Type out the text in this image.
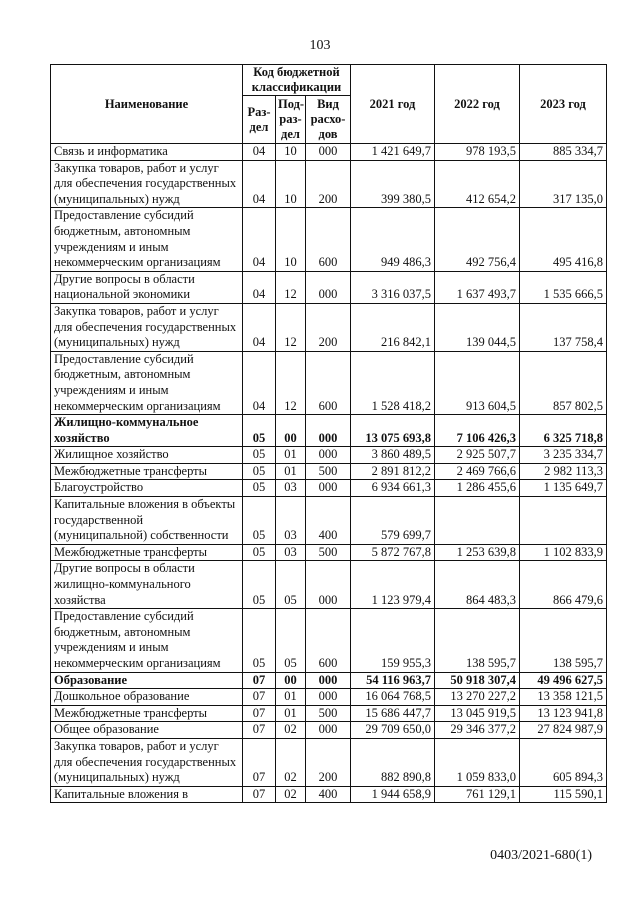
103
Наименование	Код бюджетной классификации			2021 год	2022 год	2023 год
	Раз-дел	Под-раз-дел	Вид расхо-дов			
Связь и информатика	04	10	000	1 421 649,7	978 193,5	885 334,7
Закупка товаров, работ и услуг для обеспечения государственных (муниципальных) нужд	04	10	200	399 380,5	412 654,2	317 135,0
Предоставление субсидий бюджетным, автономным учреждениям и иным некоммерческим организациям	04	10	600	949 486,3	492 756,4	495 416,8
Другие вопросы в области национальной экономики	04	12	000	3 316 037,5	1 637 493,7	1 535 666,5
Закупка товаров, работ и услуг для обеспечения государственных (муниципальных) нужд	04	12	200	216 842,1	139 044,5	137 758,4
Предоставление субсидий бюджетным, автономным учреждениям и иным некоммерческим организациям	04	12	600	1 528 418,2	913 604,5	857 802,5
Жилищно-коммунальное хозяйство	05	00	000	13 075 693,8	7 106 426,3	6 325 718,8
Жилищное хозяйство	05	01	000	3 860 489,5	2 925 507,7	3 235 334,7
Межбюджетные трансферты	05	01	500	2 891 812,2	2 469 766,6	2 982 113,3
Благоустройство	05	03	000	6 934 661,3	1 286 455,6	1 135 649,7
Капитальные вложения в объекты государственной (муниципальной) собственности	05	03	400	579 699,7		
Межбюджетные трансферты	05	03	500	5 872 767,8	1 253 639,8	1 102 833,9
Другие вопросы в области жилищно-коммунального хозяйства	05	05	000	1 123 979,4	864 483,3	866 479,6
Предоставление субсидий бюджетным, автономным учреждениям и иным некоммерческим организациям	05	05	600	159 955,3	138 595,7	138 595,7
Образование	07	00	000	54 116 963,7	50 918 307,4	49 496 627,5
Дошкольное образование	07	01	000	16 064 768,5	13 270 227,2	13 358 121,5
Межбюджетные трансферты	07	01	500	15 686 447,7	13 045 919,5	13 123 941,8
Общее образование	07	02	000	29 709 650,0	29 346 377,2	27 824 987,9
Закупка товаров, работ и услуг для обеспечения государственных (муниципальных) нужд	07	02	200	882 890,8	1 059 833,0	605 894,3
Капитальные вложения в	07	02	400	1 944 658,9	761 129,1	115 590,1
0403/2021-680(1)
